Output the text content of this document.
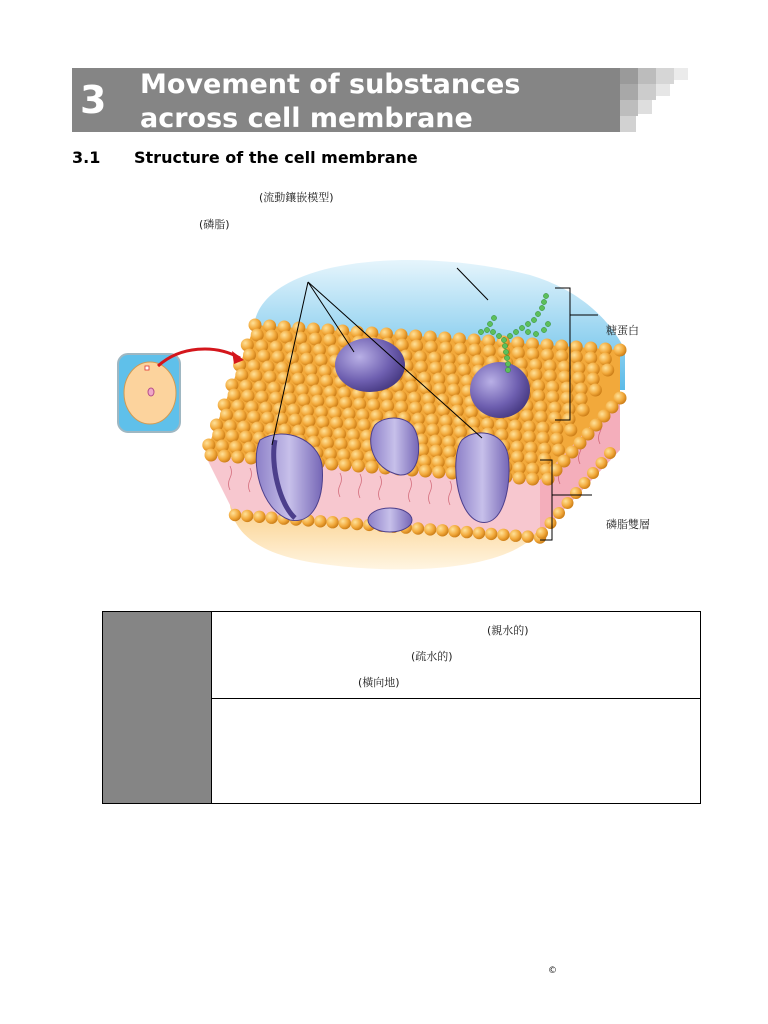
3 Movement of substances
across cell membrane
3.1 Structure of the cell membrane
(流動鑲嵌模型)
(磷脂)
糖蛋白
磷脂雙層
(親水的)
(疏水的)
(橫向地)
©
